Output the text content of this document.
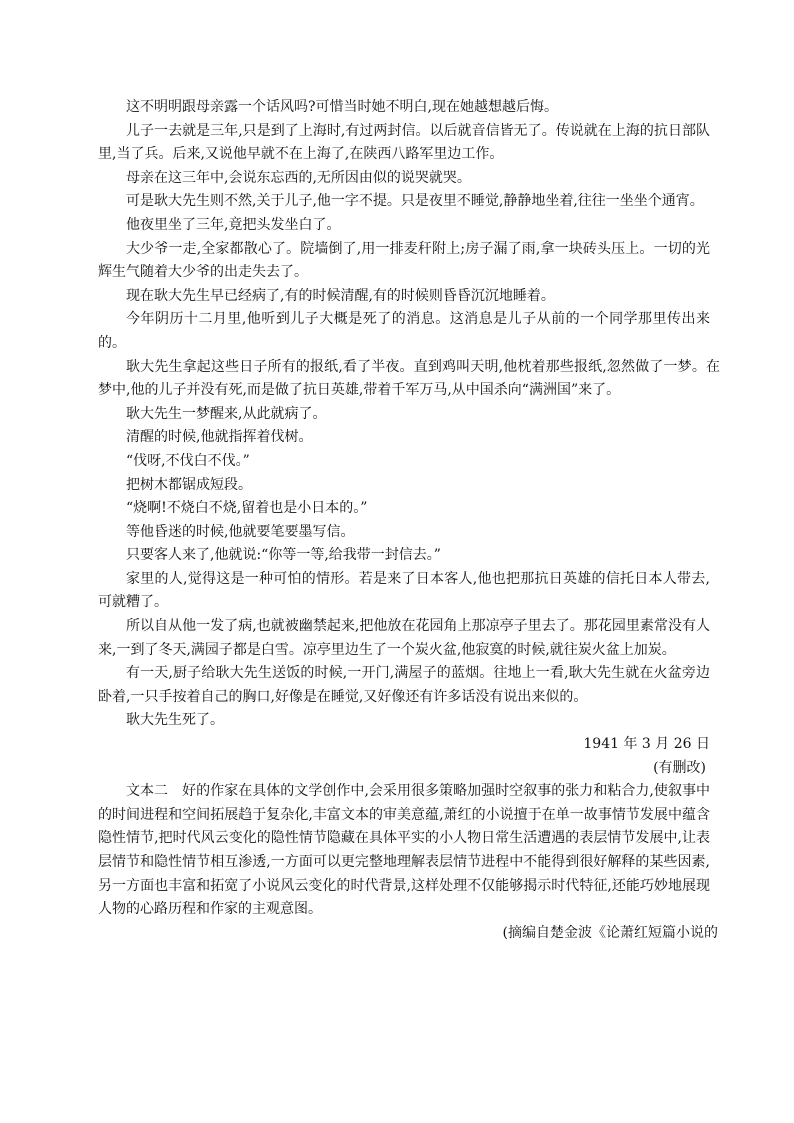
这不明明跟母亲露一个话风吗?可惜当时她不明白,现在她越想越后悔。

儿子一去就是三年,只是到了上海时,有过两封信。以后就音信皆无了。传说就在上海的抗日部队里,当了兵。后来,又说他早就不在上海了,在陕西八路军里边工作。

母亲在这三年中,会说东忘西的,无所因由似的说哭就哭。

可是耿大先生则不然,关于儿子,他一字不提。只是夜里不睡觉,静静地坐着,往往一坐坐个通宵。

他夜里坐了三年,竟把头发坐白了。

大少爷一走,全家都散心了。院墙倒了,用一排麦秆附上;房子漏了雨,拿一块砖头压上。一切的光辉生气随着大少爷的出走失去了。

现在耿大先生早已经病了,有的时候清醒,有的时候则昏昏沉沉地睡着。

今年阴历十二月里,他听到儿子大概是死了的消息。这消息是儿子从前的一个同学那里传出来的。

耿大先生拿起这些日子所有的报纸,看了半夜。直到鸡叫天明,他枕着那些报纸,忽然做了一梦。在梦中,他的儿子并没有死,而是做了抗日英雄,带着千军万马,从中国杀向“满洲国”来了。

耿大先生一梦醒来,从此就病了。

清醒的时候,他就指挥着伐树。

“伐呀,不伐白不伐。”

把树木都锯成短段。

“烧啊!不烧白不烧,留着也是小日本的。”

等他昏迷的时候,他就要笔要墨写信。

只要客人来了,他就说:“你等一等,给我带一封信去。”

家里的人,觉得这是一种可怕的情形。若是来了日本客人,他也把那抗日英雄的信托日本人带去,可就糟了。

所以自从他一发了病,也就被幽禁起来,把他放在花园角上那凉亭子里去了。那花园里素常没有人来,一到了冬天,满园子都是白雪。凉亭里边生了一个炭火盆,他寂寞的时候,就往炭火盆上加炭。

有一天,厨子给耿大先生送饭的时候,一开门,满屋子的蓝烟。往地上一看,耿大先生就在火盆旁边卧着,一只手按着自己的胸口,好像是在睡觉,又好像还有许多话没有说出来似的。

耿大先生死了。

1941 年 3 月 26 日

(有删改)

文本二　好的作家在具体的文学创作中,会采用很多策略加强时空叙事的张力和粘合力,使叙事中的时间进程和空间拓展趋于复杂化,丰富文本的审美意蕴,萧红的小说擅于在单一故事情节发展中蕴含隐性情节,把时代风云变化的隐性情节隐藏在具体平实的小人物日常生活遭遇的表层情节发展中,让表层情节和隐性情节相互渗透,一方面可以更完整地理解表层情节进程中不能得到很好解释的某些因素,另一方面也丰富和拓宽了小说风云变化的时代背景,这样处理不仅能够揭示时代特征,还能巧妙地展现人物的心路历程和作家的主观意图。

(摘编自楚金波《论萧红短篇小说的
